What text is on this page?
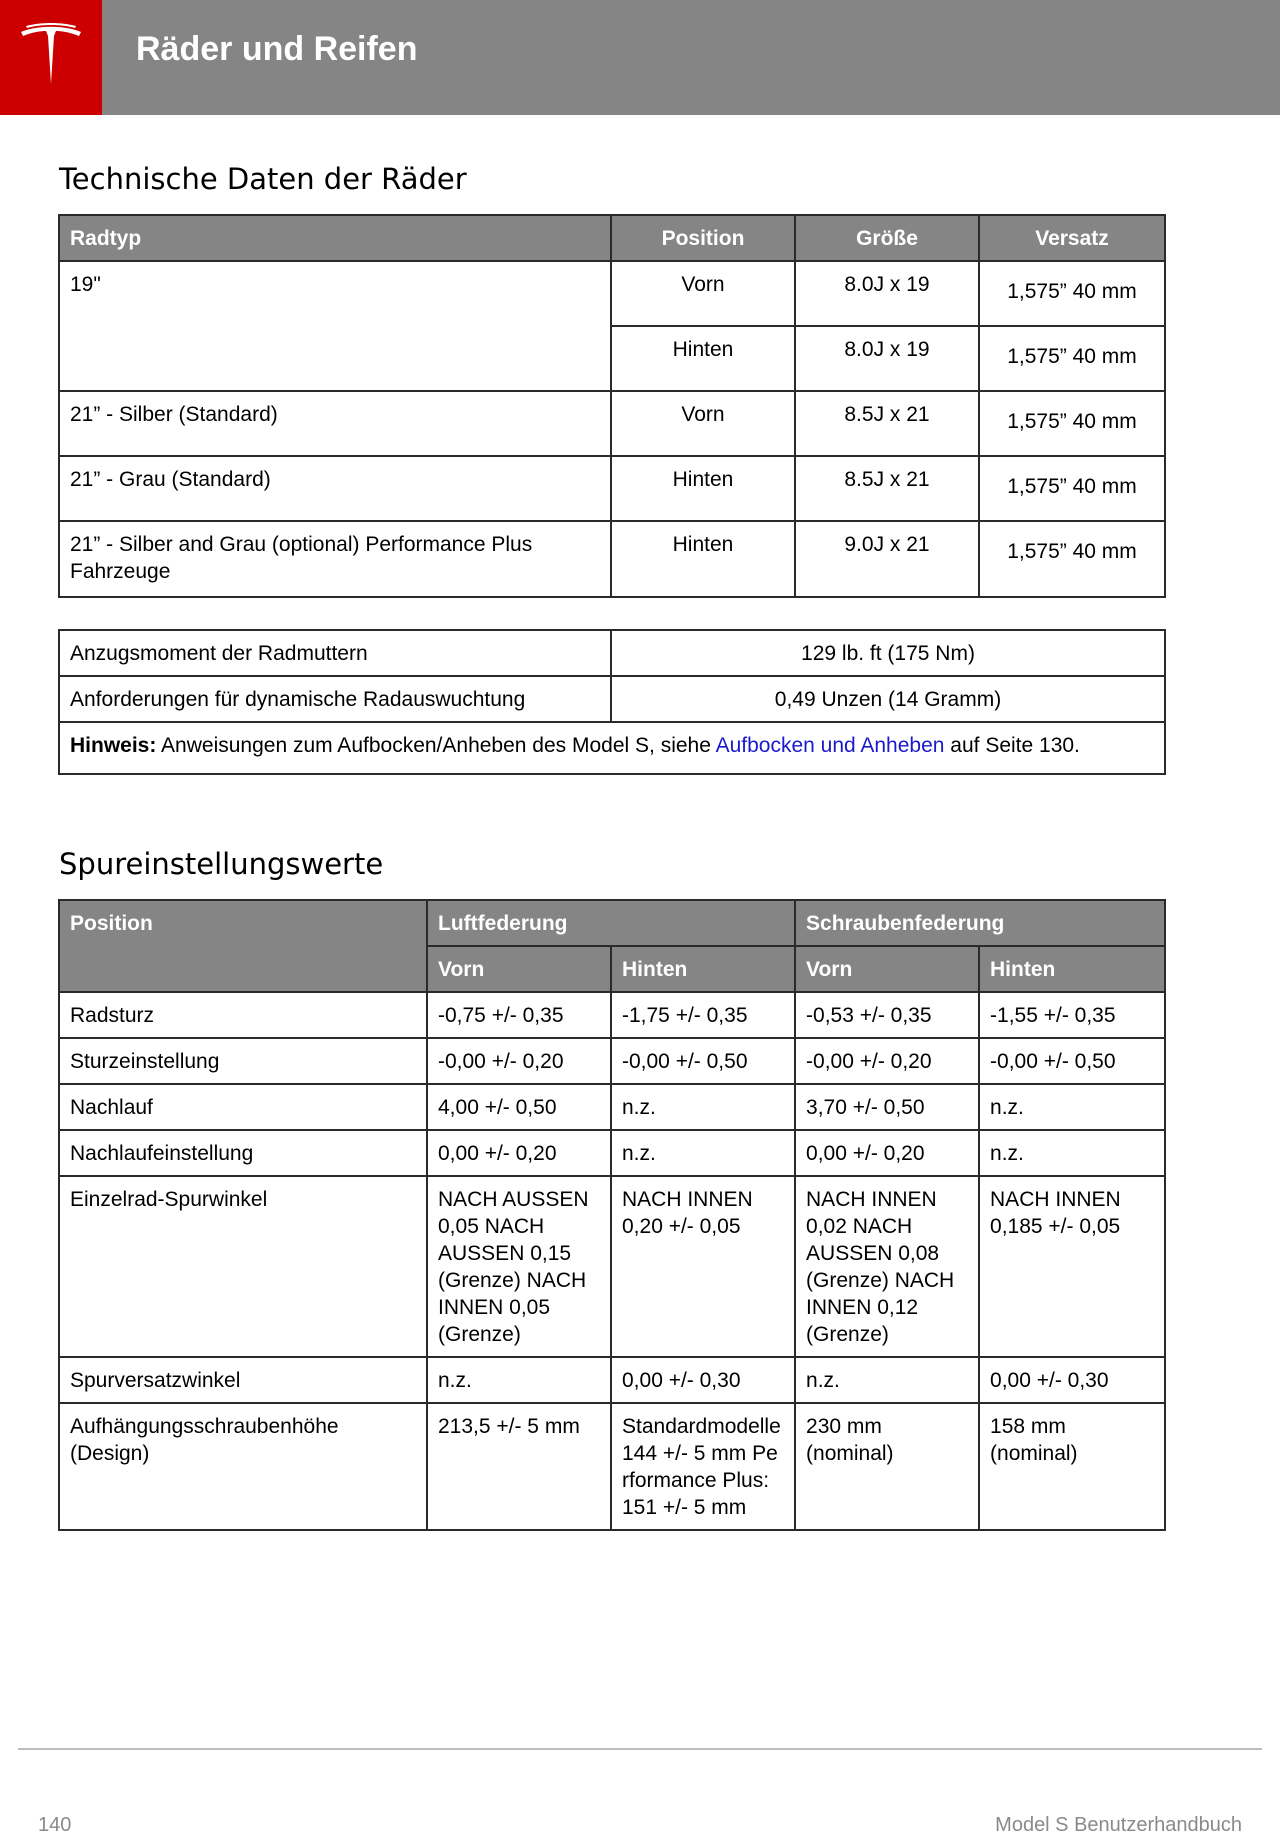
Räder und Reifen
Technische Daten der Räder
Radtyp	Position	Größe	Versatz
19"	Vorn	8.0J x 19	1,575” 40 mm
	Hinten	8.0J x 19	1,575” 40 mm
21” - Silber (Standard)	Vorn	8.5J x 21	1,575” 40 mm
21” - Grau (Standard)	Hinten	8.5J x 21	1,575” 40 mm
21” - Silber and Grau (optional) Performance Plus Fahrzeuge	Hinten	9.0J x 21	1,575” 40 mm
Anzugsmoment der Radmuttern	129 lb. ft (175 Nm)
Anforderungen für dynamische Radauswuchtung	0,49 Unzen (14 Gramm)
Hinweis: Anweisungen zum Aufbocken/Anheben des Model S, siehe Aufbocken und Anheben auf Seite 130.	
Spureinstellungswerte
Position	Luftfederung		Schraubenfederung	
	Vorn	Hinten	Vorn	Hinten
Radsturz	-0,75 +/- 0,35	-1,75 +/- 0,35	-0,53 +/- 0,35	-1,55 +/- 0,35
Sturzeinstellung	-0,00 +/- 0,20	-0,00 +/- 0,50	-0,00 +/- 0,20	-0,00 +/- 0,50
Nachlauf	4,00 +/- 0,50	n.z.	3,70 +/- 0,50	n.z.
Nachlaufeinstellung	0,00 +/- 0,20	n.z.	0,00 +/- 0,20	n.z.
Einzelrad-Spurwinkel	NACH AUSSEN 0,05 NACH AUSSEN 0,15 (Grenze) NACH INNEN 0,05 (Grenze)	NACH INNEN 0,20 +/- 0,05	NACH INNEN 0,02 NACH AUSSEN 0,08 (Grenze) NACH INNEN 0,12 (Grenze)	NACH INNEN 0,185 +/- 0,05
Spurversatzwinkel	n.z.	0,00 +/- 0,30	n.z.	0,00 +/- 0,30
Aufhängungsschraubenhöhe (Design)	213,5 +/- 5 mm	Standardmodelle 144 +/- 5 mm Performance Plus: 151 +/- 5 mm	230 mm (nominal)	158 mm (nominal)
140	Model S Benutzerhandbuch
